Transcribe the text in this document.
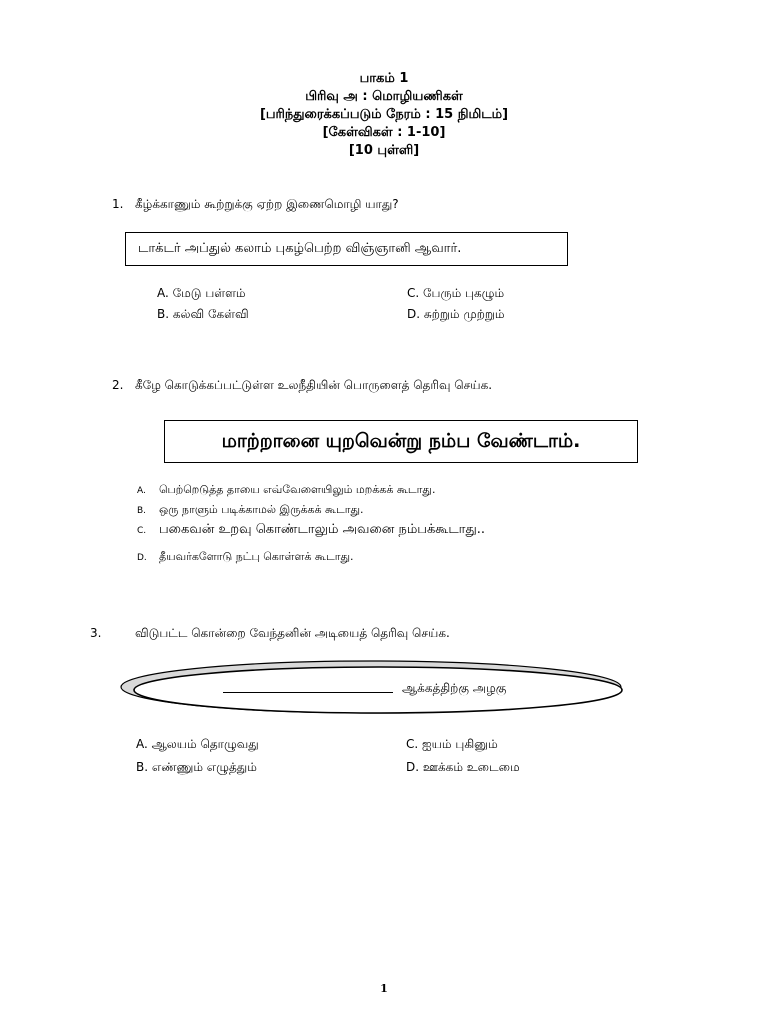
பாகம் 1
பிரிவு அ : மொழியணிகள்
[பரிந்துரைக்கப்படும் நேரம் : 15 நிமிடம்]
[கேள்விகள் : 1-10]
[10 புள்ளி]
1. கீழ்க்காணும் கூற்றுக்கு ஏற்ற இணைமொழி யாது?
டாக்டர் அப்துல் கலாம் புகழ்பெற்ற விஞ்ஞானி ஆவார்.
A. மேடு பள்ளம்
B. கல்வி கேள்வி
C. பேரும் புகழும்
D. சுற்றும் முற்றும்
2. கீழே கொடுக்கப்பட்டுள்ள உலநீதியின் பொருளைத் தெரிவு செய்க.
மாற்றானை யுறவென்று நம்ப வேண்டாம்.
A. பெற்றெடுத்த தாயை எவ்வேளையிலும் மறக்கக் கூடாது.
B. ஒரு நாளும் படிக்காமல் இருக்கக் கூடாது.
C. பகைவன் உறவு கொண்டாலும் அவனை நம்பக்கூடாது..
D. தீயவர்களோடு நட்பு கொள்ளக் கூடாது.
3.	விடுபட்ட கொன்றை வேந்தனின் அடியைத் தெரிவு செய்க.
ஆக்கத்திற்கு அழகு
A. ஆலயம் தொழுவது
B. எண்ணும் எழுத்தும்
C. ஐயம் புகினும்
D. ஊக்கம் உடைமை
1
